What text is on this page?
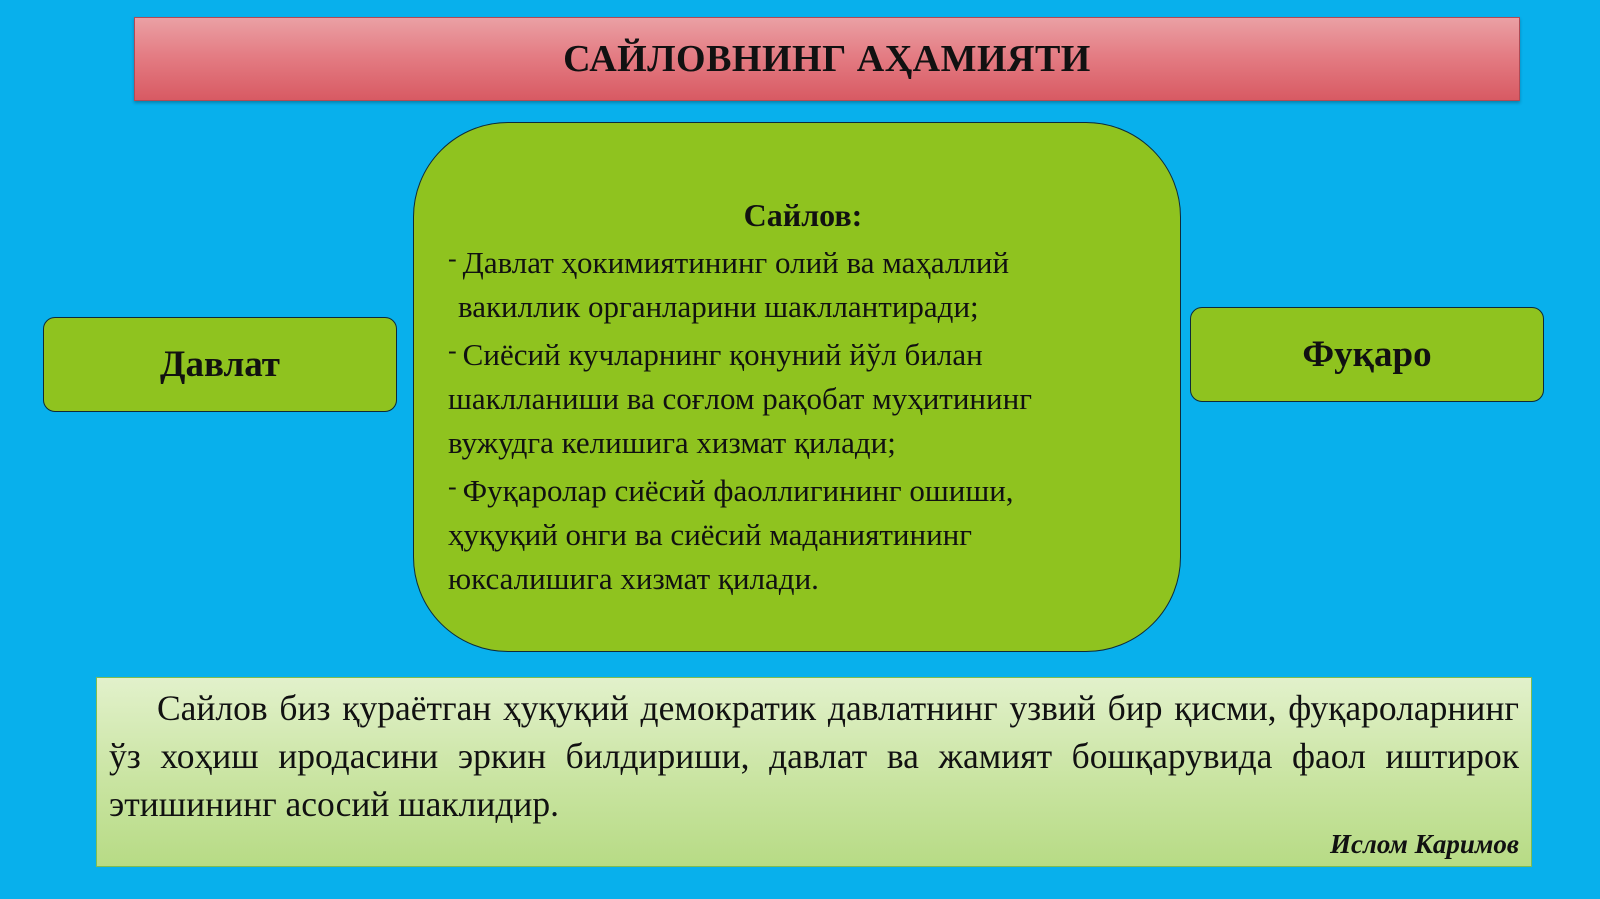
САЙЛОВНИНГ АҲАМИЯТИ
Давлат
Сайлов:
- Давлат ҳокимиятининг олий ва маҳаллий
вакиллик органларини шакллантиради;
- Сиёсий кучларнинг қонуний йўл билан
шаклланиши ва соғлом рақобат муҳитининг
вужудга келишига хизмат қилади;
- Фуқаролар сиёсий фаоллигининг ошиши,
ҳуқуқий онги ва сиёсий маданиятининг
юксалишига хизмат қилади.
Фуқаро
Сайлов биз қураётган ҳуқуқий демократик давлатнинг узвий бир қисми, фуқароларнинг ўз хоҳиш иродасини эркин билдириши, давлат ва жамият бошқарувида фаол иштирок этишининг асосий шаклидир.
Ислом Каримов
